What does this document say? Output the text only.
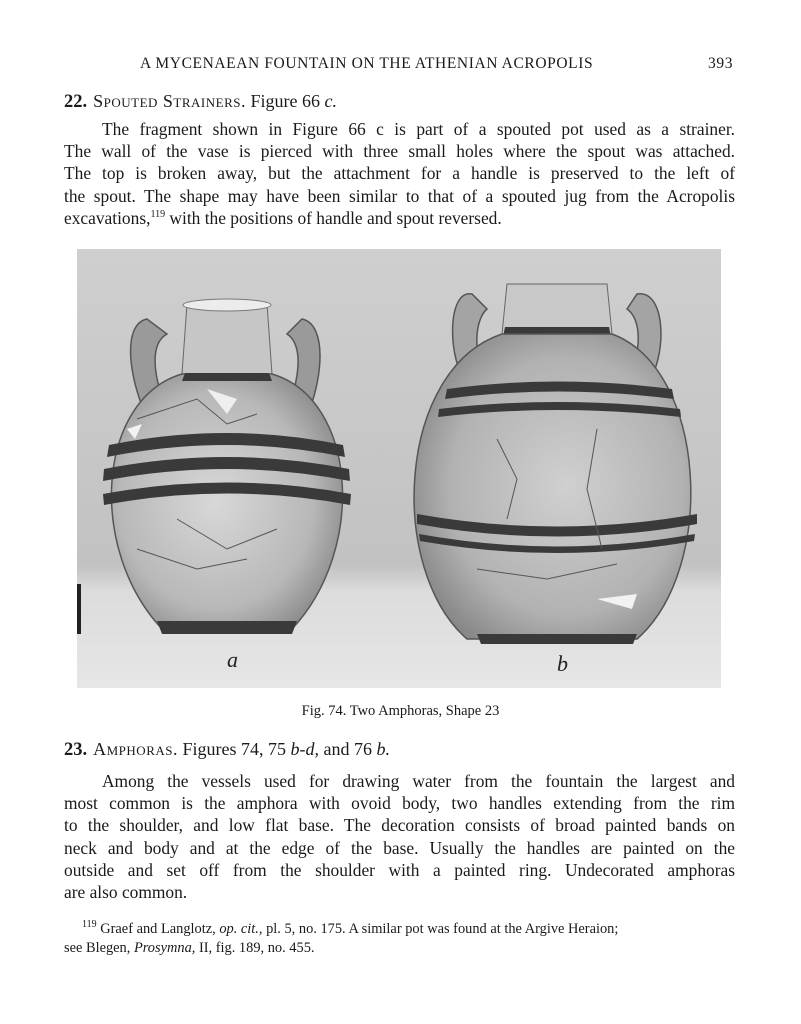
A MYCENAEAN FOUNTAIN ON THE ATHENIAN ACROPOLIS	393
22. Spouted Strainers. Figure 66 c.
The fragment shown in Figure 66 c is part of a spouted pot used as a strainer.
The wall of the vase is pierced with three small holes where the spout was attached.
The top is broken away, but the attachment for a handle is preserved to the left of
the spout. The shape may have been similar to that of a spouted jug from the Acropolis
excavations,$^{119}$ with the positions of handle and spout reversed.
a	b
Fig. 74. Two Amphoras, Shape 23
23. Amphoras. Figures 74, 75 b-d, and 76 b.
Among the vessels used for drawing water from the fountain the largest and
most common is the amphora with ovoid body, two handles extending from the rim
to the shoulder, and low flat base. The decoration consists of broad painted bands on
neck and body and at the edge of the base. Usually the handles are painted on the
outside and set off from the shoulder with a painted ring. Undecorated amphoras
are also common.
$^{119}$ Graef and Langlotz, op. cit., pl. 5, no. 175. A similar pot was found at the Argive Heraion;
see Blegen, Prosymna, II, fig. 189, no. 455.
